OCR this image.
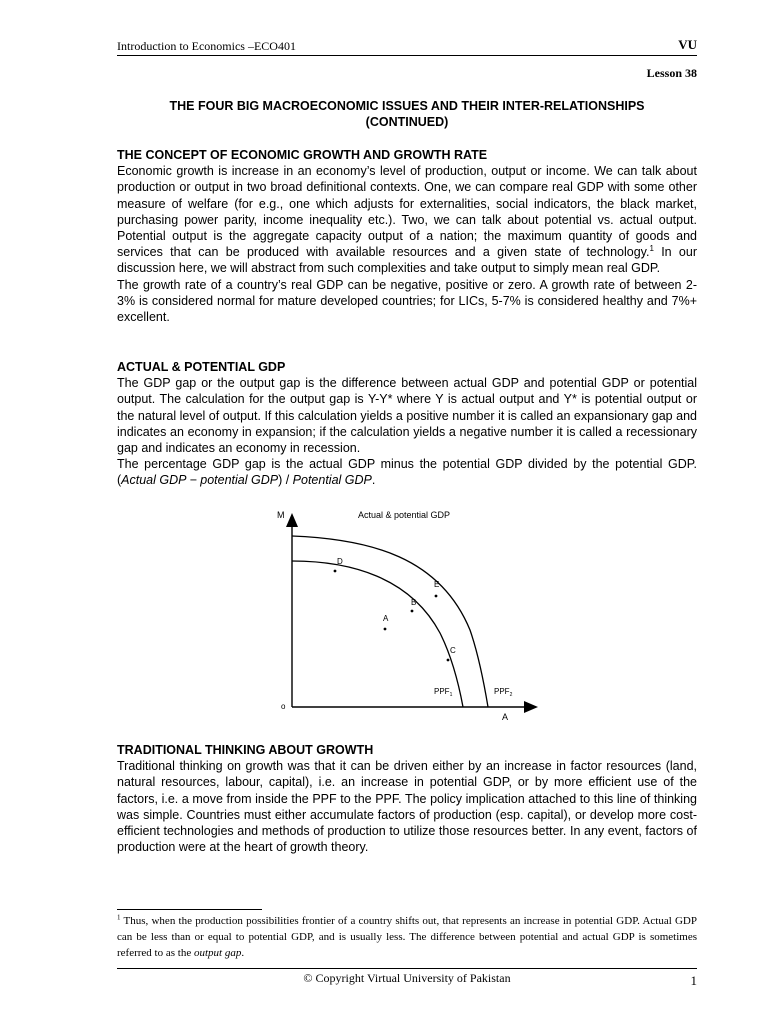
Introduction to Economics –ECO401	VU
Lesson 38
THE FOUR BIG MACROECONOMIC ISSUES AND THEIR INTER-RELATIONSHIPS
(CONTINUED)
THE CONCEPT OF ECONOMIC GROWTH AND GROWTH RATE

Economic growth is increase in an economy’s level of production, output or income. We can talk about production or output in two broad definitional contexts. One, we can compare real GDP with some other measure of welfare (for e.g., one which adjusts for externalities, social indicators, the black market, purchasing power parity, income inequality etc.). Two, we can talk about potential vs. actual output. Potential output is the aggregate capacity output of a nation; the maximum quantity of goods and services that can be produced with available resources and a given state of technology.$^1$ In our discussion here, we will abstract from such complexities and take output to simply mean real GDP.

The growth rate of a country’s real GDP can be negative, positive or zero. A growth rate of between 2-3% is considered normal for mature developed countries; for LICs, 5-7% is considered healthy and 7%+ excellent.

ACTUAL & POTENTIAL GDP

The GDP gap or the output gap is the difference between actual GDP and potential GDP or potential output. The calculation for the output gap is Y-Y* where Y is actual output and Y* is potential output or the natural level of output. If this calculation yields a positive number it is called an expansionary gap and indicates an economy in expansion; if the calculation yields a negative number it is called a recessionary gap and indicates an economy in recession.

The percentage GDP gap is the actual GDP minus the potential GDP divided by the potential GDP. (Actual GDP − potential GDP) / Potential GDP.

Actual & potential GDP
M
A
o
D
E
B
A
C
$PPF_1$	$PPF_2$
TRADITIONAL THINKING ABOUT GROWTH

Traditional thinking on growth was that it can be driven either by an increase in factor resources (land, natural resources, labour, capital), i.e. an increase in potential GDP, or by more efficient use of the factors, i.e. a move from inside the PPF to the PPF. The policy implication attached to this line of thinking was simple. Countries must either accumulate factors of production (esp. capital), or develop more cost-efficient technologies and methods of production to utilize those resources better. In any event, factors of production were at the heart of growth theory.

$^1$ Thus, when the production possibilities frontier of a country shifts out, that represents an increase in potential GDP. Actual GDP can be less than or equal to potential GDP, and is usually less. The difference between potential and actual GDP is sometimes referred to as the output gap.
© Copyright Virtual University of Pakistan	1
